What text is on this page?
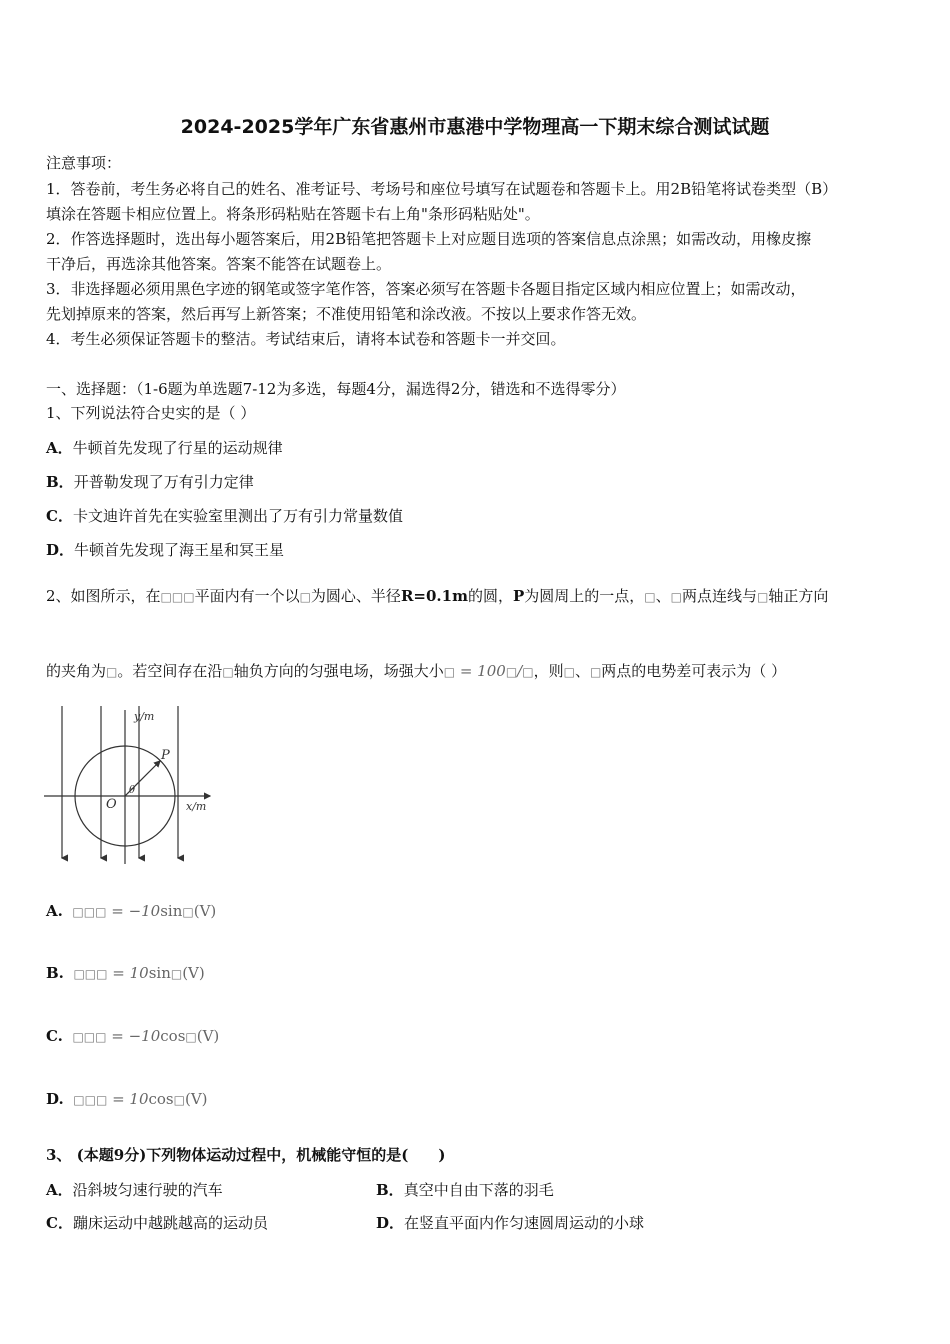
2024-2025学年广东省惠州市惠港中学物理高一下期末综合测试试题
注意事项：
1．答卷前，考生务必将自己的姓名、准考证号、考场号和座位号填写在试题卷和答题卡上。用2B铅笔将试卷类型（B）
填涂在答题卡相应位置上。将条形码粘贴在答题卡右上角"条形码粘贴处"。
2．作答选择题时，选出每小题答案后，用2B铅笔把答题卡上对应题目选项的答案信息点涂黑；如需改动，用橡皮擦
干净后，再选涂其他答案。答案不能答在试题卷上。
3．非选择题必须用黑色字迹的钢笔或签字笔作答，答案必须写在答题卡各题目指定区域内相应位置上；如需改动，
先划掉原来的答案，然后再写上新答案；不准使用铅笔和涂改液。不按以上要求作答无效。
4．考生必须保证答题卡的整洁。考试结束后，请将本试卷和答题卡一并交回。
一、选择题：（1-6题为单选题7-12为多选，每题4分，漏选得2分，错选和不选得零分）
1、下列说法符合史实的是（ ）
A．牛顿首先发现了行星的运动规律
B．开普勒发现了万有引力定律
C．卡文迪许首先在实验室里测出了万有引力常量数值
D．牛顿首先发现了海王星和冥王星
2、如图所示，在□□□平面内有一个以□为圆心、半径R=0.1m的圆，P为圆周上的一点，□、□两点连线与□轴正方向
的夹角为□。若空间存在沿□轴负方向的匀强电场，场强大小□ = 100□/□，则□、□两点的电势差可表示为（ ）
y/m
x/m
P
O
θ
A. □□□ = −10sin□(V)
B. □□□ = 10sin□(V)
C. □□□ = −10cos□(V)
D. □□□ = 10cos□(V)
3、 (本题9分)下列物体运动过程中，机械能守恒的是(　　)
A．沿斜坡匀速行驶的汽车	B．真空中自由下落的羽毛
C．蹦床运动中越跳越高的运动员	D．在竖直平面内作匀速圆周运动的小球
